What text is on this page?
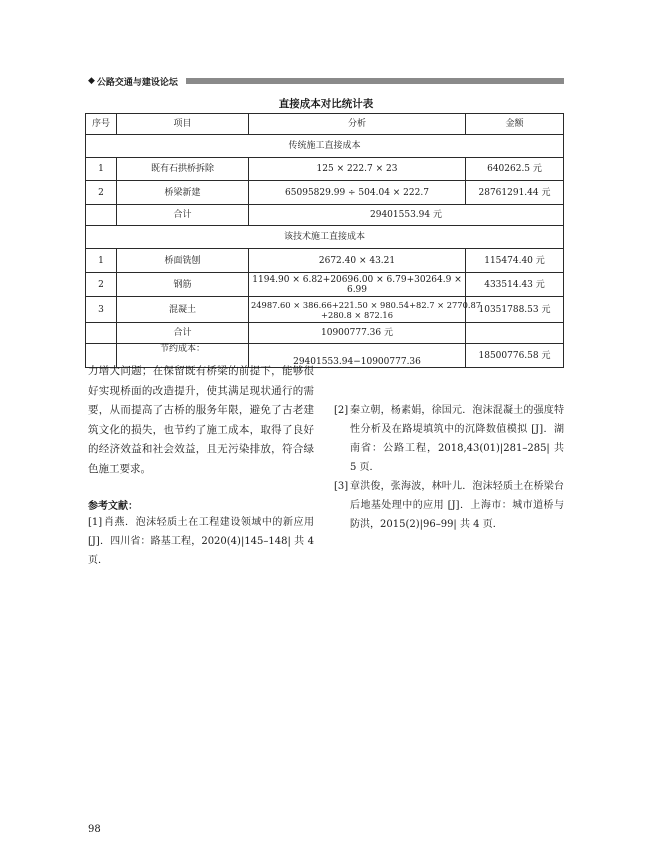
◆ 公路交通与建设论坛
直接成本对比统计表
序号	项目	分析	金额
传统施工直接成本			
1	既有石拱桥拆除	125 × 222.7 × 23	640262.5 元
2	桥梁新建	65095829.99 ÷ 504.04 × 222.7	28761291.44 元
	合计	29401553.94 元	
该技术施工直接成本			
1	桥面铣刨	2672.40 × 43.21	115474.40 元
2	钢筋	1194.90 × 6.82+20696.00 × 6.79+30264.9 × 6.99	433514.43 元
3	混凝土	24987.60 × 386.66+221.50 × 980.54+82.7 × 2770.87
+280.8 × 872.16	10351788.53 元
	合计	10900777.36 元	
	节约成本：	29401553.94−10900777.36	18500776.58 元

力增大问题；在保留既有桥梁的前提下，能够很好实现桥面的改造提升，使其满足现状通行的需要，从而提高了古桥的服务年限，避免了古老建筑文化的损失，也节约了施工成本，取得了良好的经济效益和社会效益，且无污染排放，符合绿色施工要求。

参考文献：
[1] 肖燕．泡沫轻质土在工程建设领域中的新应用 [J]．四川省：路基工程，2020(4)|145–148| 共 4 页．
[2] 秦立朝，杨素娟，徐国元．泡沫混凝土的强度特性分析及在路堤填筑中的沉降数值模拟 [J]．湖南省：公路工程，2018,43(01)|281–285| 共 5 页．
[3] 章洪俊，张海波，林叶儿．泡沫轻质土在桥梁台后地基处理中的应用 [J]．上海市：城市道桥与防洪，2015(2)|96–99| 共 4 页．
98
